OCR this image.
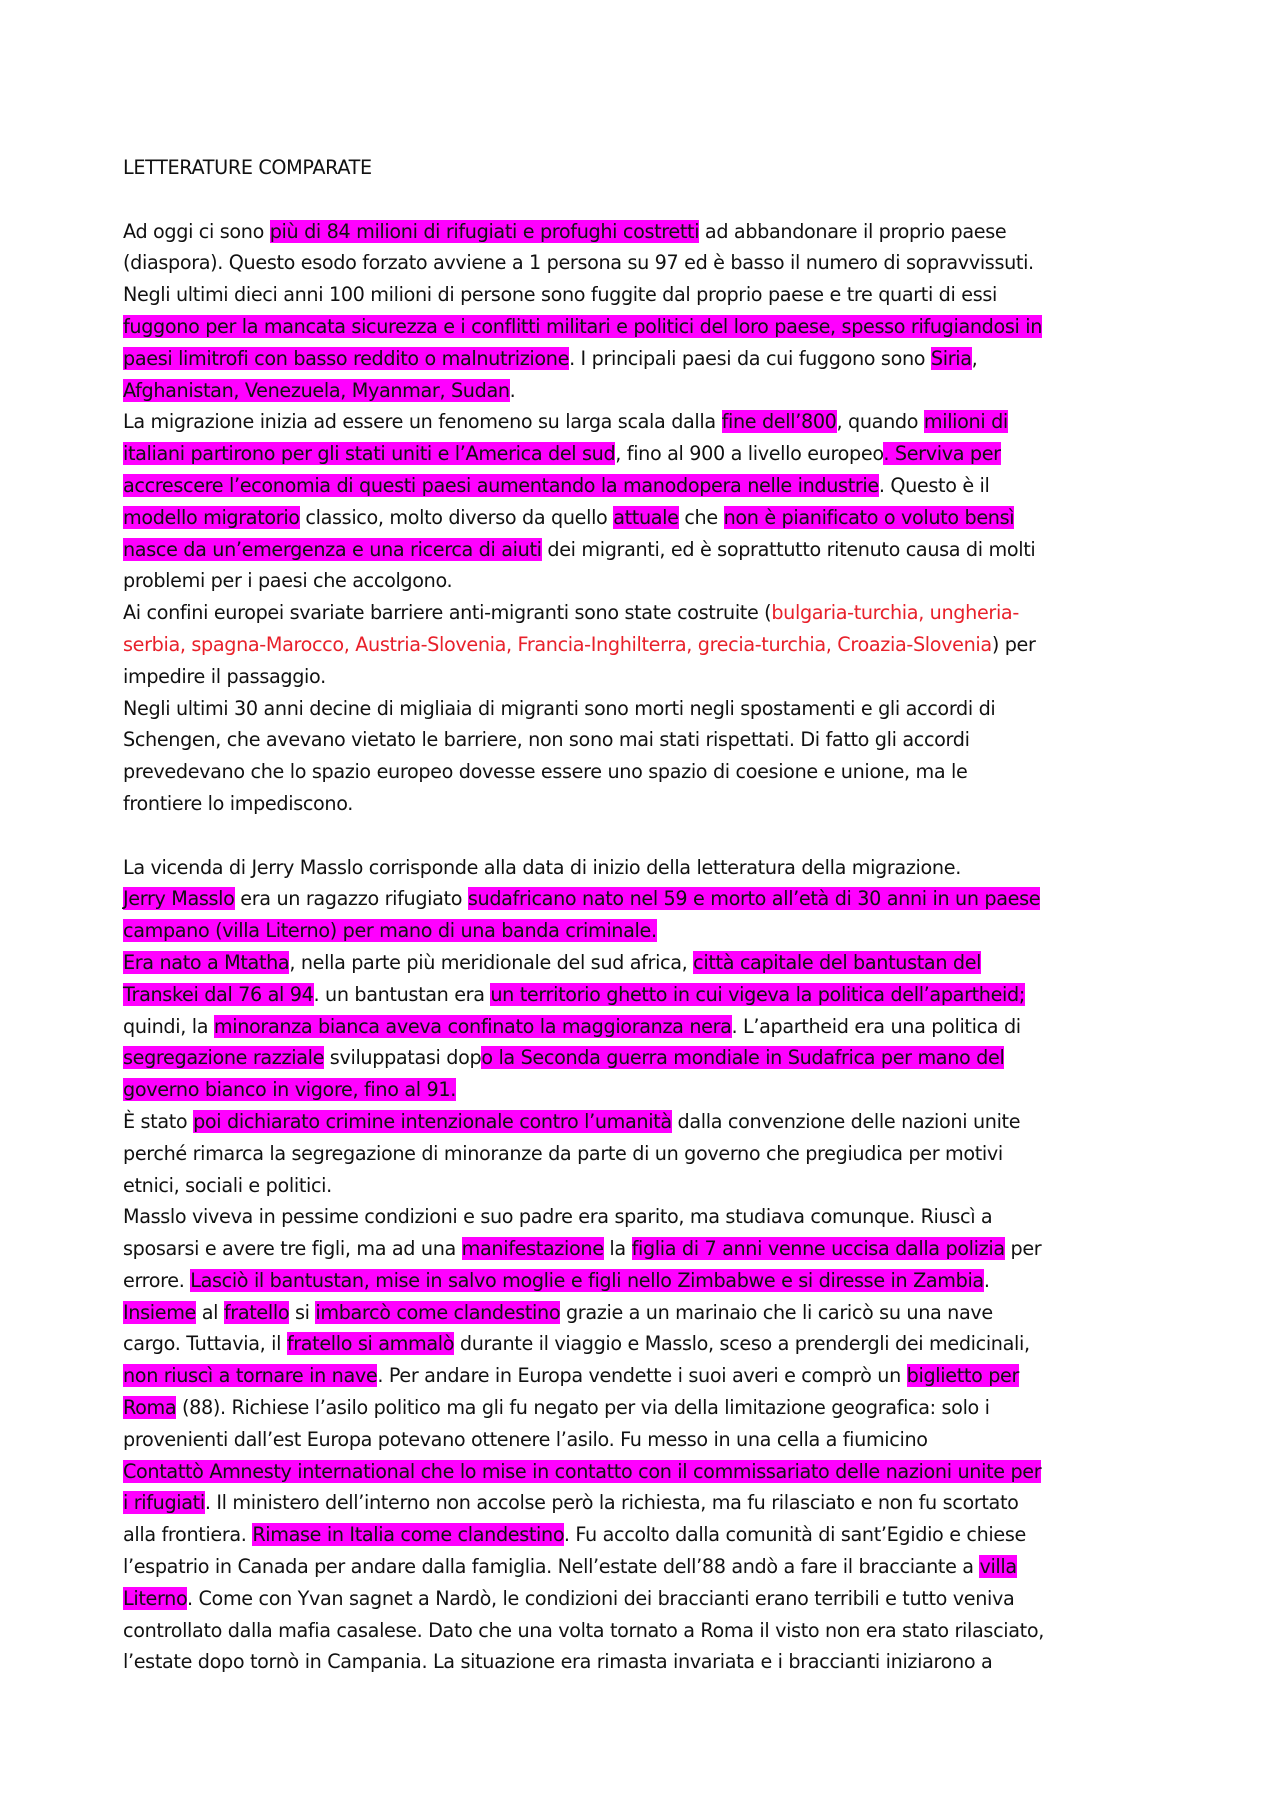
LETTERATURE COMPARATE
Ad oggi ci sono più di 84 milioni di rifugiati e profughi costretti ad abbandonare il proprio paese
(diaspora). Questo esodo forzato avviene a 1 persona su 97 ed è basso il numero di sopravvissuti.
Negli ultimi dieci anni 100 milioni di persone sono fuggite dal proprio paese e tre quarti di essi
fuggono per la mancata sicurezza e i conflitti militari e politici del loro paese, spesso rifugiandosi in
paesi limitrofi con basso reddito o malnutrizione. I principali paesi da cui fuggono sono Siria,
Afghanistan, Venezuela, Myanmar, Sudan.
La migrazione inizia ad essere un fenomeno su larga scala dalla fine dell’800, quando milioni di
italiani partirono per gli stati uniti e l’America del sud, fino al 900 a livello europeo. Serviva per
accrescere l’economia di questi paesi aumentando la manodopera nelle industrie. Questo è il
modello migratorio classico, molto diverso da quello attuale che non è pianificato o voluto bensì
nasce da un’emergenza e una ricerca di aiuti dei migranti, ed è soprattutto ritenuto causa di molti
problemi per i paesi che accolgono.
Ai confini europei svariate barriere anti-migranti sono state costruite (bulgaria-turchia, ungheria-
serbia, spagna-Marocco, Austria-Slovenia, Francia-Inghilterra, grecia-turchia, Croazia-Slovenia) per
impedire il passaggio.
Negli ultimi 30 anni decine di migliaia di migranti sono morti negli spostamenti e gli accordi di
Schengen, che avevano vietato le barriere, non sono mai stati rispettati. Di fatto gli accordi
prevedevano che lo spazio europeo dovesse essere uno spazio di coesione e unione, ma le
frontiere lo impediscono.
La vicenda di Jerry Masslo corrisponde alla data di inizio della letteratura della migrazione.
Jerry Masslo era un ragazzo rifugiato sudafricano nato nel 59 e morto all’età di 30 anni in un paese
campano (villa Literno) per mano di una banda criminale.
Era nato a Mtatha, nella parte più meridionale del sud africa, città capitale del bantustan del
Transkei dal 76 al 94. un bantustan era un territorio ghetto in cui vigeva la politica dell’apartheid;
quindi, la minoranza bianca aveva confinato la maggioranza nera. L’apartheid era una politica di
segregazione razziale sviluppatasi dopo la Seconda guerra mondiale in Sudafrica per mano del
governo bianco in vigore, fino al 91.
È stato poi dichiarato crimine intenzionale contro l’umanità dalla convenzione delle nazioni unite
perché rimarca la segregazione di minoranze da parte di un governo che pregiudica per motivi
etnici, sociali e politici.
Masslo viveva in pessime condizioni e suo padre era sparito, ma studiava comunque. Riuscì a
sposarsi e avere tre figli, ma ad una manifestazione la figlia di 7 anni venne uccisa dalla polizia per
errore. Lasciò il bantustan, mise in salvo moglie e figli nello Zimbabwe e si diresse in Zambia.
Insieme al fratello si imbarcò come clandestino grazie a un marinaio che li caricò su una nave
cargo. Tuttavia, il fratello si ammalò durante il viaggio e Masslo, sceso a prendergli dei medicinali,
non riuscì a tornare in nave. Per andare in Europa vendette i suoi averi e comprò un biglietto per
Roma (88). Richiese l’asilo politico ma gli fu negato per via della limitazione geografica: solo i
provenienti dall’est Europa potevano ottenere l’asilo. Fu messo in una cella a fiumicino
Contattò Amnesty international che lo mise in contatto con il commissariato delle nazioni unite per
i rifugiati. Il ministero dell’interno non accolse però la richiesta, ma fu rilasciato e non fu scortato
alla frontiera. Rimase in Italia come clandestino. Fu accolto dalla comunità di sant’Egidio e chiese
l’espatrio in Canada per andare dalla famiglia. Nell’estate dell’88 andò a fare il bracciante a villa
Literno. Come con Yvan sagnet a Nardò, le condizioni dei braccianti erano terribili e tutto veniva
controllato dalla mafia casalese. Dato che una volta tornato a Roma il visto non era stato rilasciato,
l’estate dopo tornò in Campania. La situazione era rimasta invariata e i braccianti iniziarono a
